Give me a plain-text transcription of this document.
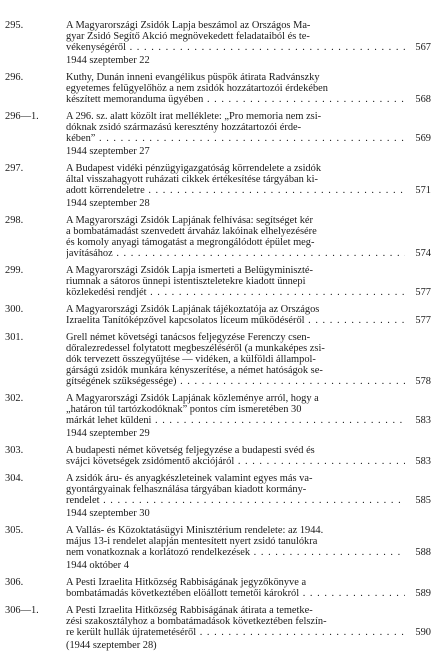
295.	A Magyarországi Zsidók Lapja beszámol az Országos Ma-
gyar Zsidó Segítő Akció megnövekedett feladataiból és te-
vékenységéről . . .	567
1944 szeptember 22
296.	Kuthy, Dunán inneni evangélikus püspök átirata Radvánszky
egyetemes felügyelőhöz a nem zsidók hozzátartozói érdekében
készített memoranduma ügyében . . .	568
296—1.	A 296. sz. alatt közölt irat melléklete: „Pro memoria nem zsi-
dóknak zsidó származású keresztény hozzátartozói érde-
kében” . . .	569
1944 szeptember 27
297.	A Budapest vidéki pénzügyigazgatóság körrendelete a zsidók
által visszahagyott ruházati cikkek értékesítése tárgyában ki-
adott körrendeletre . . .	571
1944 szeptember 28
298.	A Magyarországi Zsidók Lapjának felhívása: segítséget kér
a bombatámadást szenvedett árvaház lakóinak elhelyezésére
és komoly anyagi támogatást a megrongálódott épület meg-
javításához . . .	574
299.	A Magyarországi Zsidók Lapja ismerteti a Belügyminiszté-
riumnak a sátoros ünnepi istentiszteletekre kiadott ünnepi
közlekedési rendjét . . .	577
300.	A Magyarországi Zsidók Lapjának tájékoztatója az Országos
Izraelita Tanítóképzővel kapcsolatos líceum működéséről . . .	577
301.	Grell német követségi tanácsos feljegyzése Ferenczy csen-
dőralezredessel folytatott megbeszéléséről (a munkaképes zsi-
dók tervezett összegyűjtése — vidéken, a külföldi állampol-
gárságú zsidók munkára kényszerítése, a német hatóságok se-
gítségének szükségessége) . . .	578
302.	A Magyarországi Zsidók Lapjának közleménye arról, hogy a
„határon túl tartózkodóknak” pontos cím ismeretében 30
márkát lehet küldeni . . .	583
1944 szeptember 29
303.	A budapesti német követség feljegyzése a budapesti svéd és
svájci követségek zsidómentő akciójáról . . .	583
304.	A zsidók áru- és anyagkészleteinek valamint egyes más va-
gyontárgyainak felhasználása tárgyában kiadott kormány-
rendelet . . .	585
1944 szeptember 30
305.	A Vallás- és Közoktatásügyi Minisztérium rendelete: az 1944.
május 13-i rendelet alapján mentesített nyert zsidó tanulókra
nem vonatkoznak a korlátozó rendelkezések . . .	588
1944 október 4
306.	A Pesti Izraelita Hitközség Rabbiságának jegyzőkönyve a
bombatámadás következtében elöállott temetői károkról . . .	589
306—1.	A Pesti Izraelita Hitközség Rabbiságának átirata a temetke-
zési szakosztályhoz a bombatámadások következtében felszín-
re került hullák újratemetéséről . . .	590
(1944 szeptember 28)
